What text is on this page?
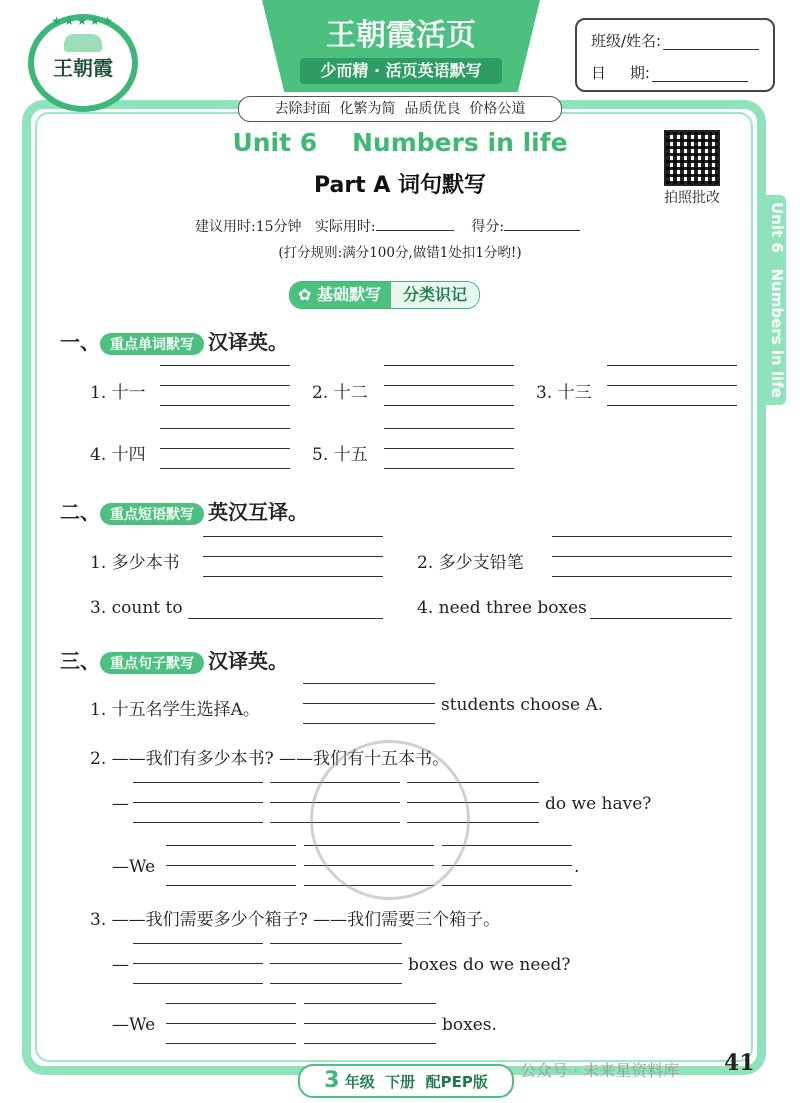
★★★★★
王朝霞
王朝霞活页
少而精 · 活页英语默写
班级/姓名:
日     期:
去除封面  化繁为简  品质优良  价格公道
Unit 6    Numbers in life
Part A 词句默写	拍照批改
Unit 6   Numbers in life
建议用时:15分钟 实际用时:	得分:
(打分规则:满分100分,做错1处扣1分哟!)
✿ 基础默写	分类识记
一、 重点单词默写 汉译英。
1. 十一	2. 十二	3. 十三
4. 十四	5. 十五
二、 重点短语默写 英汉互译。
1. 多少本书	2. 多少支铅笔
3. count to	4. need three boxes
三、 重点句子默写 汉译英。
1. 十五名学生选择A。	students choose A.
2. ——我们有多少本书? ——我们有十五本书。
—	do we have?
—We	.
3. ——我们需要多少个箱子? ——我们需要三个箱子。
—	boxes do we need?
—We	boxes.
3 年级  下册  配PEP版
公众号 · 未来星资料库 41
